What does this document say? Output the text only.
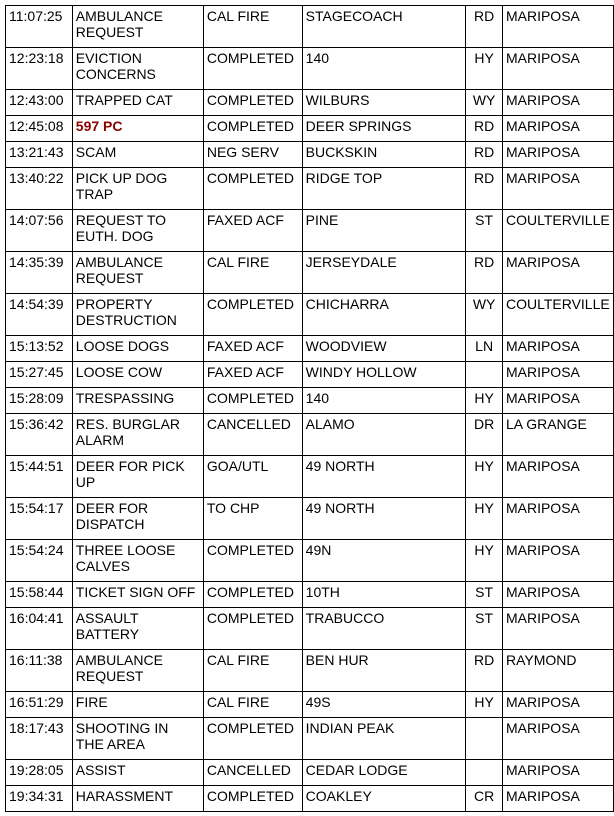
11:07:25	AMBULANCE REQUEST	CAL FIRE	STAGECOACH	RD	MARIPOSA
12:23:18	EVICTION CONCERNS	COMPLETED	140	HY	MARIPOSA
12:43:00	TRAPPED CAT	COMPLETED	WILBURS	WY	MARIPOSA
12:45:08	597 PC	COMPLETED	DEER SPRINGS	RD	MARIPOSA
13:21:43	SCAM	NEG SERV	BUCKSKIN	RD	MARIPOSA
13:40:22	PICK UP DOG TRAP	COMPLETED	RIDGE TOP	RD	MARIPOSA
14:07:56	REQUEST TO EUTH. DOG	FAXED ACF	PINE	ST	COULTERVILLE
14:35:39	AMBULANCE REQUEST	CAL FIRE	JERSEYDALE	RD	MARIPOSA
14:54:39	PROPERTY DESTRUCTION	COMPLETED	CHICHARRA	WY	COULTERVILLE
15:13:52	LOOSE DOGS	FAXED ACF	WOODVIEW	LN	MARIPOSA
15:27:45	LOOSE COW	FAXED ACF	WINDY HOLLOW		MARIPOSA
15:28:09	TRESPASSING	COMPLETED	140	HY	MARIPOSA
15:36:42	RES. BURGLAR ALARM	CANCELLED	ALAMO	DR	LA GRANGE
15:44:51	DEER FOR PICK UP	GOA/UTL	49 NORTH	HY	MARIPOSA
15:54:17	DEER FOR DISPATCH	TO CHP	49 NORTH	HY	MARIPOSA
15:54:24	THREE LOOSE CALVES	COMPLETED	49N	HY	MARIPOSA
15:58:44	TICKET SIGN OFF	COMPLETED	10TH	ST	MARIPOSA
16:04:41	ASSAULT BATTERY	COMPLETED	TRABUCCO	ST	MARIPOSA
16:11:38	AMBULANCE REQUEST	CAL FIRE	BEN HUR	RD	RAYMOND
16:51:29	FIRE	CAL FIRE	49S	HY	MARIPOSA
18:17:43	SHOOTING IN THE AREA	COMPLETED	INDIAN PEAK		MARIPOSA
19:28:05	ASSIST	CANCELLED	CEDAR LODGE		MARIPOSA
19:34:31	HARASSMENT	COMPLETED	COAKLEY	CR	MARIPOSA
